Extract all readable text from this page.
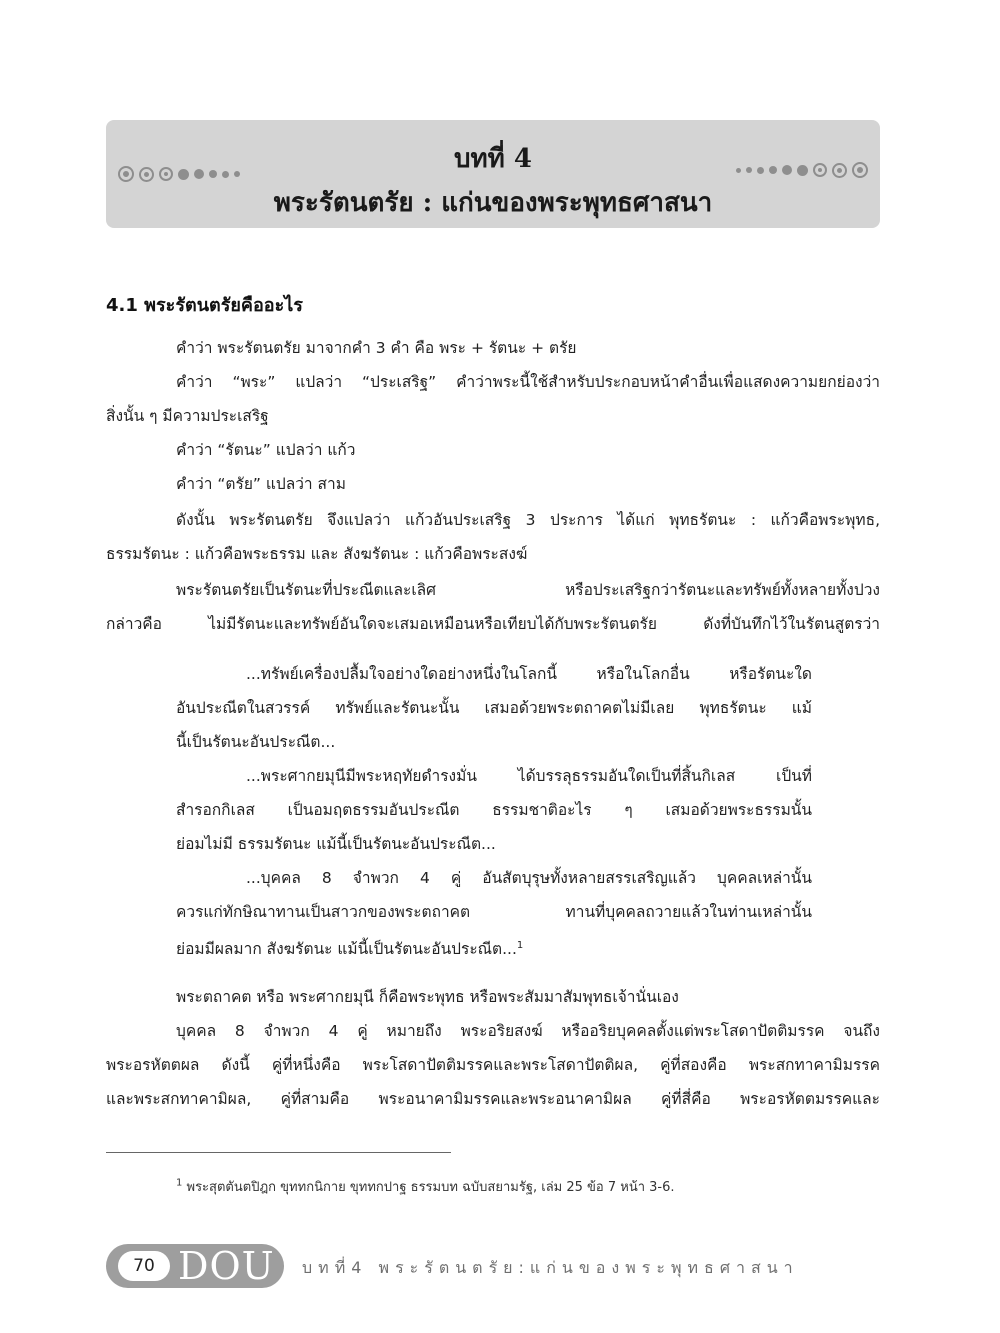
บทที่ 4
พระรัตนตรัย : แก่นของพระพุทธศาสนา
4.1 พระรัตนตรัยคืออะไร
คำว่า พระรัตนตรัย มาจากคำ 3 คำ คือ พระ + รัตนะ + ตรัย
คำว่า “พระ” แปลว่า “ประเสริฐ” คำว่าพระนี้ใช้สำหรับประกอบหน้าคำอื่นเพื่อแสดงความยกย่องว่า
สิ่งนั้น ๆ มีความประเสริฐ
คำว่า “รัตนะ” แปลว่า แก้ว
คำว่า “ตรัย” แปลว่า สาม
ดังนั้น พระรัตนตรัย จึงแปลว่า แก้วอันประเสริฐ 3 ประการ ได้แก่ พุทธรัตนะ : แก้วคือพระพุทธ,
ธรรมรัตนะ : แก้วคือพระธรรม และ สังฆรัตนะ : แก้วคือพระสงฆ์
พระรัตนตรัยเป็นรัตนะที่ประณีตและเลิศ หรือประเสริฐกว่ารัตนะและทรัพย์ทั้งหลายทั้งปวง
กล่าวคือ ไม่มีรัตนะและทรัพย์อันใดจะเสมอเหมือนหรือเทียบได้กับพระรัตนตรัย ดังที่บันทึกไว้ในรัตนสูตรว่า
...ทรัพย์เครื่องปลื้มใจอย่างใดอย่างหนึ่งในโลกนี้ หรือในโลกอื่น หรือรัตนะใด
อันประณีตในสวรรค์ ทรัพย์และรัตนะนั้น เสมอด้วยพระตถาคตไม่มีเลย พุทธรัตนะ แม้
นี้เป็นรัตนะอันประณีต...
...พระศากยมุนีมีพระหฤทัยดำรงมั่น ได้บรรลุธรรมอันใดเป็นที่สิ้นกิเลส เป็นที่
สำรอกกิเลส เป็นอมฤตธรรมอันประณีต ธรรมชาติอะไร ๆ เสมอด้วยพระธรรมนั้น
ย่อมไม่มี ธรรมรัตนะ แม้นี้เป็นรัตนะอันประณีต...
...บุคคล 8 จำพวก 4 คู่ อันสัตบุรุษทั้งหลายสรรเสริญแล้ว บุคคลเหล่านั้น
ควรแก่ทักษิณาทานเป็นสาวกของพระตถาคต ทานที่บุคคลถวายแล้วในท่านเหล่านั้น
ย่อมมีผลมาก สังฆรัตนะ แม้นี้เป็นรัตนะอันประณีต...$^1$
พระตถาคต หรือ พระศากยมุนี ก็คือพระพุทธ หรือพระสัมมาสัมพุทธเจ้านั่นเอง
บุคคล 8 จำพวก 4 คู่ หมายถึง พระอริยสงฆ์ หรืออริยบุคคลตั้งแต่พระโสดาปัตติมรรค จนถึง
พระอรหัตตผล ดังนี้ คู่ที่หนึ่งคือ พระโสดาปัตติมรรคและพระโสดาปัตติผล, คู่ที่สองคือ พระสกทาคามิมรรค
และพระสกทาคามิผล, คู่ที่สามคือ พระอนาคามิมรรคและพระอนาคามิผล คู่ที่สี่คือ พระอรหัตตมรรคและ
$^1$ พระสุตตันตปิฎก ขุททกนิกาย ขุททกปาฐ ธรรมบท ฉบับสยามรัฐ, เล่ม 25 ข้อ 7 หน้า 3-6.
70 DOU บทที่4 พระรัตนตรัย:แก่นของพระพุทธศาสนา
